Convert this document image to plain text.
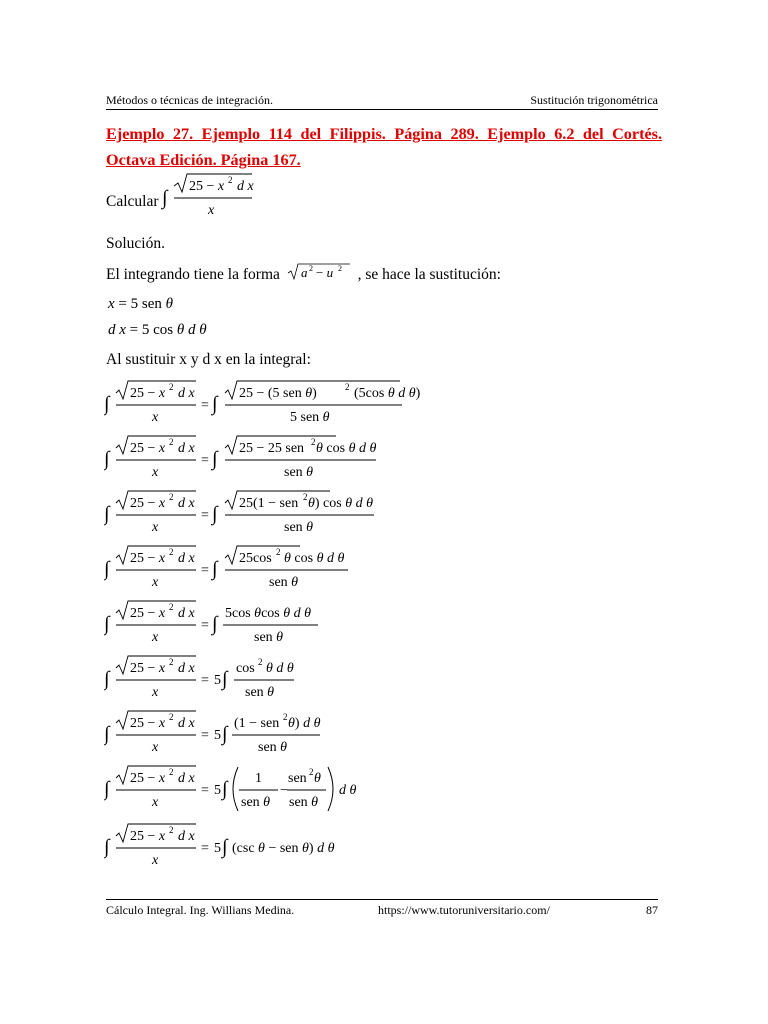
Métodos o técnicas de integración.	Sustitución trigonométrica
Ejemplo 27. Ejemplo 114 del Filippis. Página 289. Ejemplo 6.2 del Cortés. Octava Edición. Página 167.
Calcular ∫
25 − x 2 d x
x
Solución.
El integrando tiene la forma a 2 − u 2 , se hace la sustitución:
x = 5 sen θ
d x = 5 cos θ d θ
Al sustituir x y d x en la integral:
∫ 25 − (5 sen θ)	2 (5cos θ d θ)
5 sen θ
∫ 25 − 25 sen 2 θ cos θ d θ
sen θ
∫ 25(1 − sen 2 θ) cos θ d θ
sen θ
∫ 25cos 2 θ cos θ d θ
sen θ
∫ 5cos θcos θ d θ
sen θ
5 ∫ cos 2 θ d θ
sen θ
5 ∫ (1 − sen 2 θ) d θ
sen θ
5 ∫ 1
sen θ
−
sen 2 θ
sen θ
d θ
5 ∫ (csc θ − sen θ) d θ
Cálculo Integral. Ing. Willians Medina.	https://www.tutoruniversitario.com/	87
